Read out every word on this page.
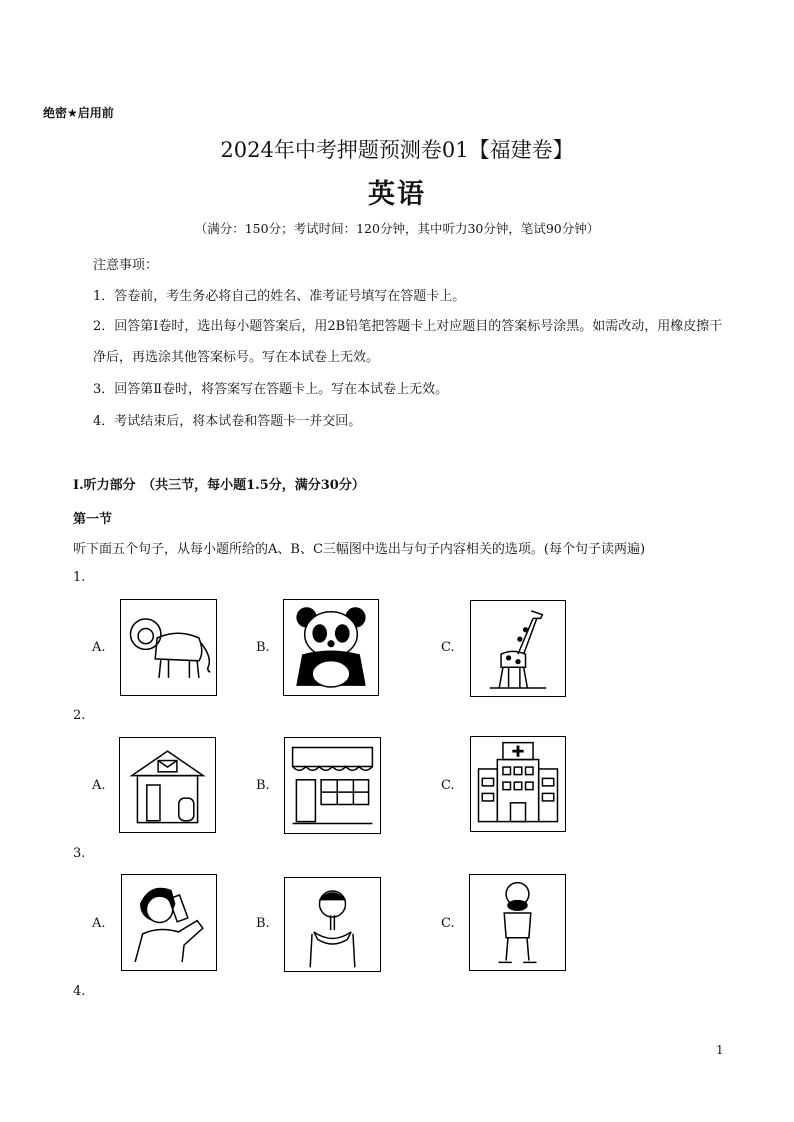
绝密★启用前
2024年中考押题预测卷01【福建卷】
英语
（满分：150分；考试时间：120分钟，其中听力30分钟，笔试90分钟）
注意事项：
1．答卷前，考生务必将自己的姓名、准考证号填写在答题卡上。
2．回答第Ⅰ卷时，选出每小题答案后，用2B铅笔把答题卡上对应题目的答案标号涂黑。如需改动，用橡皮擦干净后，再选涂其他答案标号。写在本试卷上无效。
3．回答第Ⅱ卷时，将答案写在答题卡上。写在本试卷上无效。
4．考试结束后，将本试卷和答题卡一并交回。
I.听力部分　（共三节，每小题1.5分，满分30分）
第一节
听下面五个句子，从每小题所给的A、B、C三幅图中选出与句子内容相关的选项。(每个句子读两遍)
1.
A.	B.	C.
2.
A.	B.	C.
3.
A.	B.	C.
4.
1
